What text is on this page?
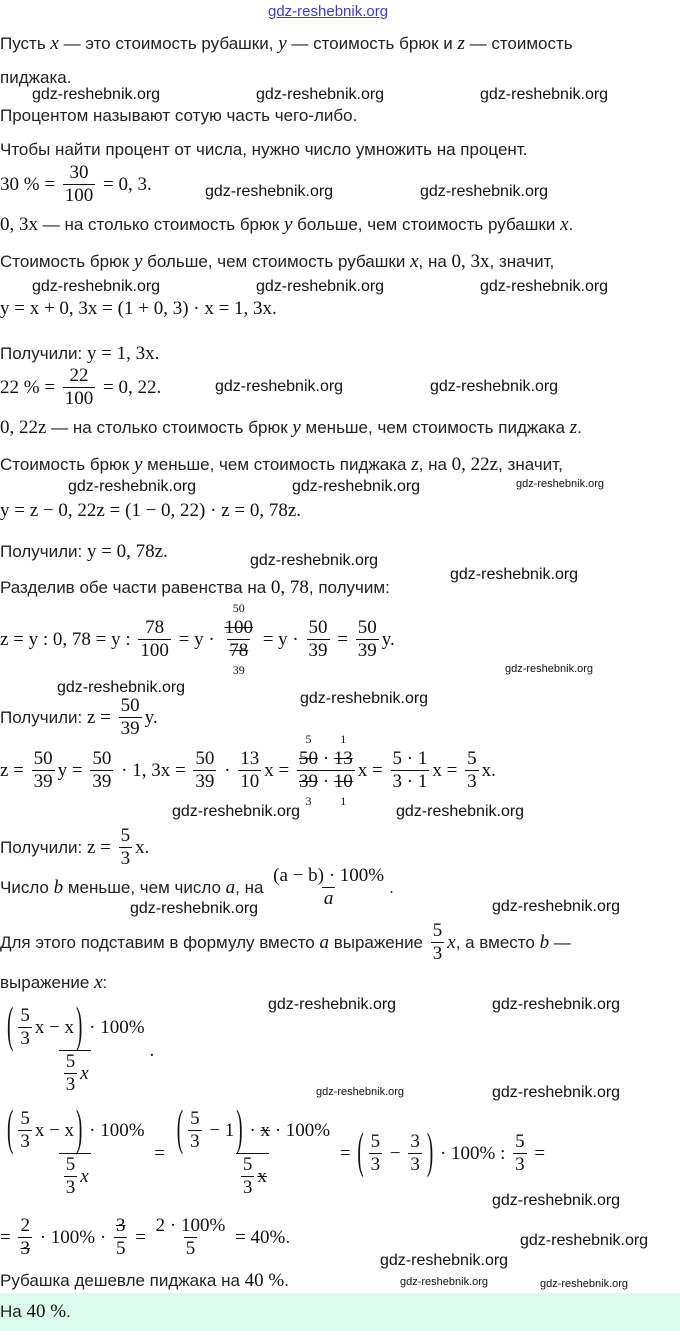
Пусть x — это стоимость рубашки, y — стоимость брюк и z — стоимость
пиджака.
Процентом называют сотую часть чего-либо.
Чтобы найти процент от числа, нужно число умножить на процент.
30 % = $\frac{30}{100} = 0$, 3.
0, 3x — на столько стоимость брюк y больше, чем стоимость рубашки x .
Стоимость брюк y больше, чем стоимость рубашки x , на 0, 3x , значит,
y = x + 0, 3x = (1 + 0, 3) · x = 1, 3x.
Получили: y = 1, 3x.
22 % = $\frac{22}{100} = 0$, 22.
0, 22z — на столько стоимость брюк y меньше, чем стоимость пиджака z .
Стоимость брюк y меньше, чем стоимость пиджака z , на 0, 22z , значит,
y = z − 0, 22z = (1 − 0, 22) · z = 0, 78z.
Получили: y = 0, 78z.
Разделив обе части равенства на 0, 78 , получим:
z = y : 0, 78 = y : $\frac{78}{100} = y \cdot 100$
50
78
$39 = y \cdot \frac{50}{39} = \frac{50}{39} y$.
Получили: $z = \frac{50}{39} y$.
$z = \frac{50}{39}$ $y = \frac{50}{39} \cdot 1$, $3x = \frac{50}{39} \cdot \frac{13}{10}$ x = 50
5
· 13
1
39
3
· 10
1 $x = \frac{5 \cdot 1}{3 \cdot 1}$ $x = \frac{5}{3} x$.
Получили: $z = \frac{5}{3} x$.
Число b меньше, чем число a , на $\frac{(a - b) \cdot 100\%}{a}$ .
Для этого подставим в формулу вместо a выражение $\frac{5}{3}$ x , а вместо b —
выражение x :
$\frac{( \frac{5}{3} x - x ) \cdot 100\%}{\frac{5}{3} x}$ .
$\frac{( \frac{5}{3} x - x ) \cdot 100\%}{\frac{5}{3} x} = \frac{( \frac{5}{3} - 1 ) \cdot x \cdot 100\%}{\frac{5}{3} x}$ = ( $\frac{5}{3} - \frac{3}{3}$ ) · 100% : $\frac{5}{3}$ =
= $\frac{2}{3} \cdot 100\% \cdot \frac{3}{5} = \frac{2 \cdot 100\%}{5} = 40\%$.
Рубашка дешевле пиджака на 40 % .
На 40 % .
gdz-reshebnik.org
gdz-reshebnik.org	gdz-reshebnik.org	gdz-reshebnik.org
gdz-reshebnik.org	gdz-reshebnik.org
gdz-reshebnik.org	gdz-reshebnik.org	gdz-reshebnik.org
gdz-reshebnik.org	gdz-reshebnik.org
gdz-reshebnik.org	gdz-reshebnik.org	gdz-reshebnik.org
gdz-reshebnik.org
gdz-reshebnik.org
gdz-reshebnik.org
gdz-reshebnik.org
gdz-reshebnik.org
gdz-reshebnik.org	gdz-reshebnik.org
gdz-reshebnik.org	gdz-reshebnik.org
gdz-reshebnik.org	gdz-reshebnik.org
gdz-reshebnik.org	gdz-reshebnik.org
gdz-reshebnik.org
gdz-reshebnik.org
gdz-reshebnik.org
gdz-reshebnik.org	gdz-reshebnik.org
